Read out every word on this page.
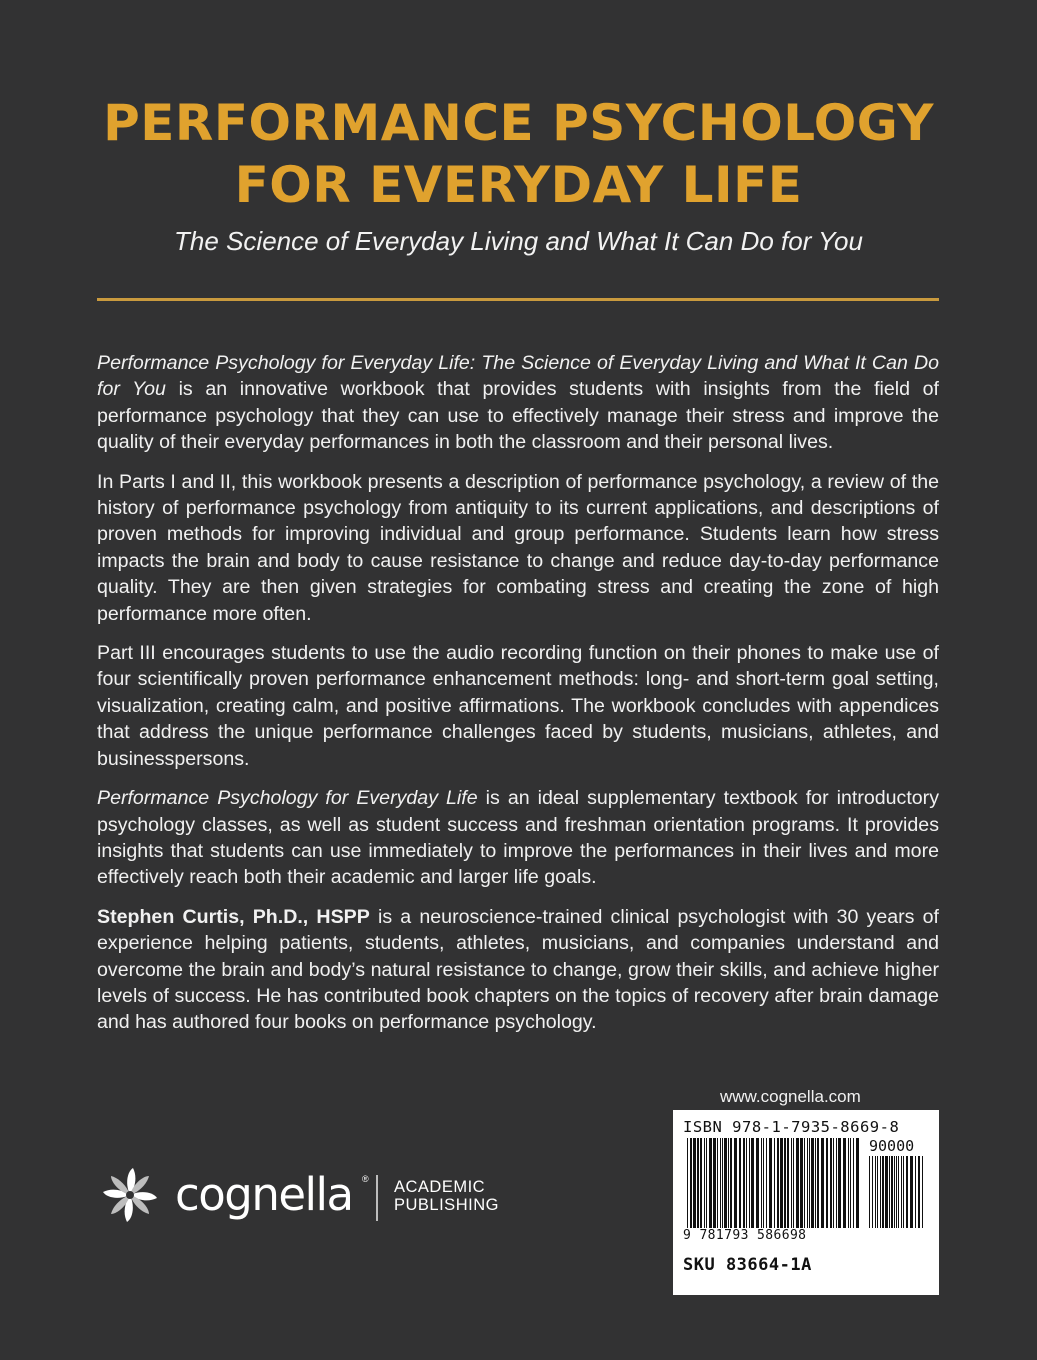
PERFORMANCE PSYCHOLOGY
FOR EVERYDAY LIFE
The Science of Everyday Living and What It Can Do for You

Performance Psychology for Everyday Life: The Science of Everyday Living and What It Can Do for You is an innovative workbook that provides students with insights from the field of performance psychology that they can use to effectively manage their stress and improve the quality of their everyday performances in both the classroom and their personal lives.

In Parts I and II, this workbook presents a description of performance psychology, a review of the history of performance psychology from antiquity to its current applications, and descriptions of proven methods for improving individual and group performance. Students learn how stress impacts the brain and body to cause resistance to change and reduce day-to-day performance quality. They are then given strategies for combating stress and creating the zone of high performance more often.

Part III encourages students to use the audio recording function on their phones to make use of four scientifically proven performance enhancement methods: long- and short-term goal setting, visualization, creating calm, and positive affirmations. The workbook concludes with appendices that address the unique performance challenges faced by students, musicians, athletes, and businesspersons.

Performance Psychology for Everyday Life is an ideal supplementary textbook for introductory psychology classes, as well as student success and freshman orientation programs. It provides insights that students can use immediately to improve the performances in their lives and more effectively reach both their academic and larger life goals.

Stephen Curtis, Ph.D., HSPP is a neuroscience-trained clinical psychologist with 30 years of experience helping patients, students, athletes, musicians, and companies understand and overcome the brain and body’s natural resistance to change, grow their skills, and achieve higher levels of success. He has contributed book chapters on the topics of recovery after brain damage and has authored four books on performance psychology.

cognella ® ACADEMIC
PUBLISHING
www.cognella.com
ISBN 978-1-7935-8669-8
90000
9 781793 586698
SKU 83664-1A
